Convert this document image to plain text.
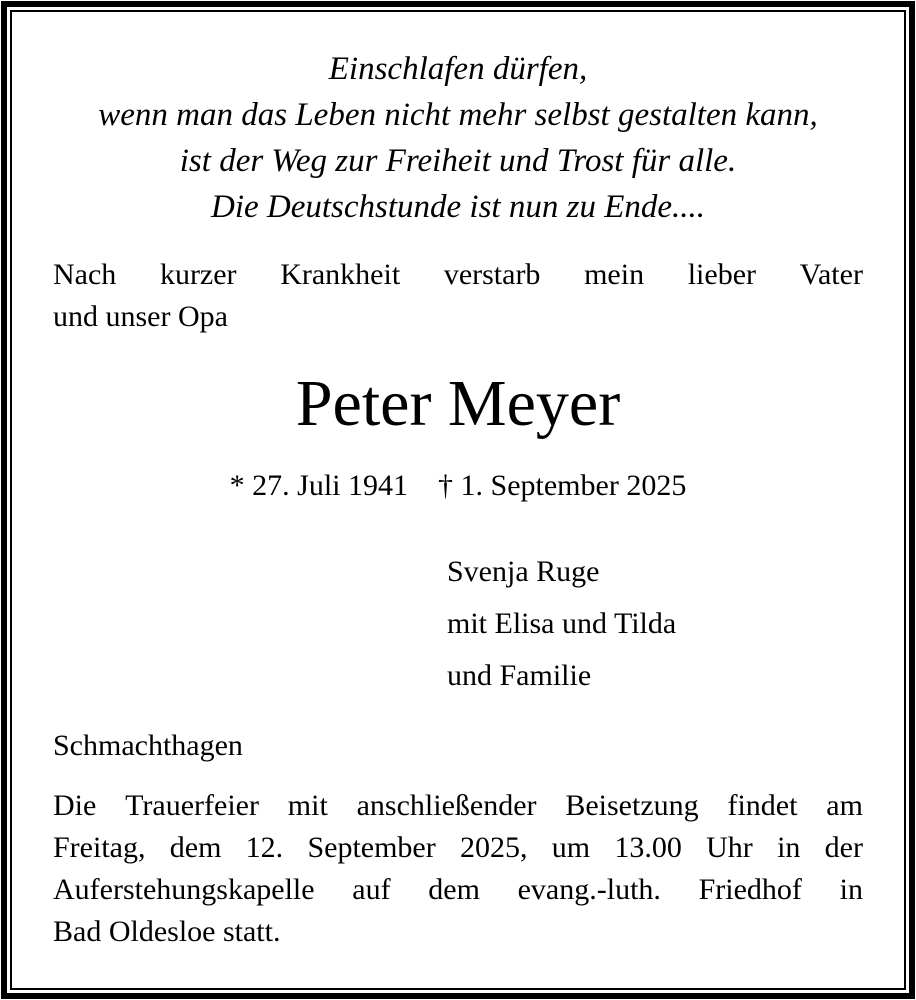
Einschlafen dürfen,
wenn man das Leben nicht mehr selbst gestalten kann,
ist der Weg zur Freiheit und Trost für alle.
Die Deutschstunde ist nun zu Ende....
Nach kurzer Krankheit verstarb mein lieber Vater
und unser Opa
Peter Meyer
* 27. Juli 1941 † 1. September 2025
Svenja Ruge
mit Elisa und Tilda
und Familie
Schmachthagen
Die Trauerfeier mit anschließender Beisetzung findet am
Freitag, dem 12. September 2025, um 13.00 Uhr in der
Auferstehungskapelle auf dem evang.-luth. Friedhof in
Bad Oldesloe statt.
